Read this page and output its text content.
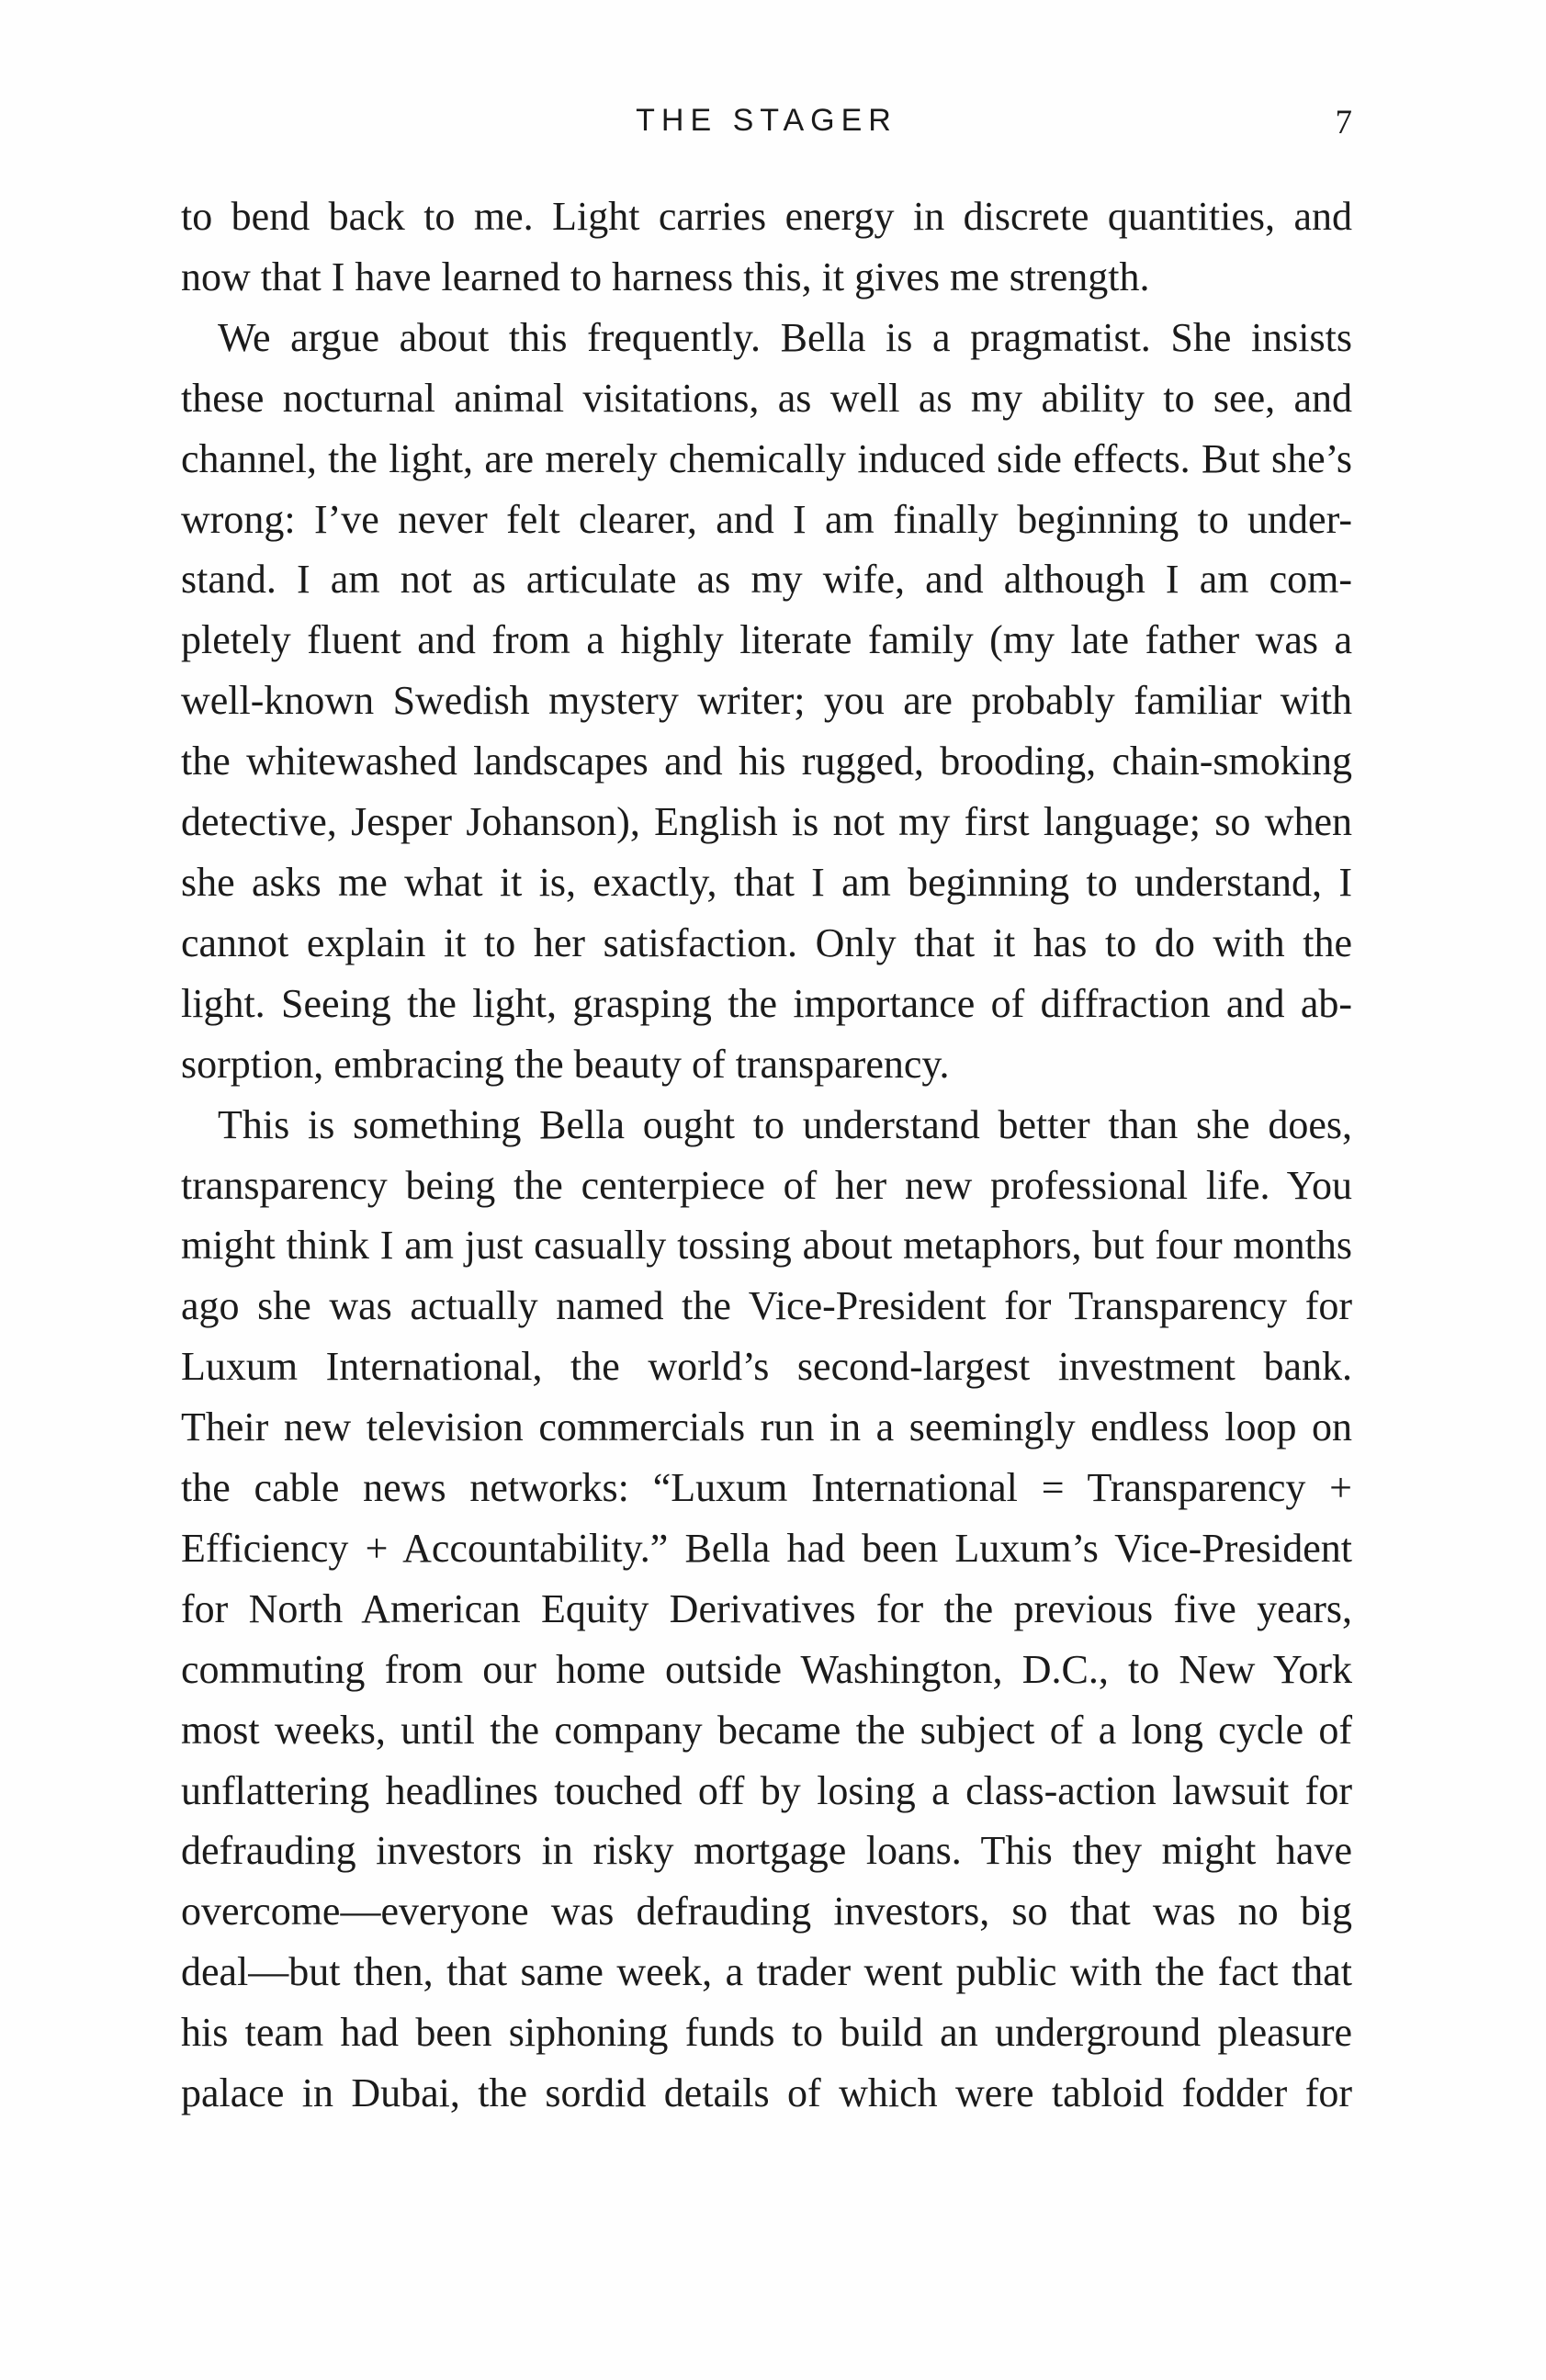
THE STAGER	7
to bend back to me. Light carries energy in discrete quantities, and
now that I have learned to harness this, it gives me strength.
We argue about this frequently. Bella is a pragmatist. She insists
these nocturnal animal visitations, as well as my ability to see, and
channel, the light, are merely chemically induced side effects. But she’s
wrong: I’ve never felt clearer, and I am finally beginning to under-
stand. I am not as articulate as my wife, and although I am com-
pletely fluent and from a highly literate family (my late father was a
well-known Swedish mystery writer; you are probably familiar with
the whitewashed landscapes and his rugged, brooding, chain-smoking
detective, Jesper Johanson), English is not my first language; so when
she asks me what it is, exactly, that I am beginning to understand, I
cannot explain it to her satisfaction. Only that it has to do with the
light. Seeing the light, grasping the importance of diffraction and ab-
sorption, embracing the beauty of transparency.
This is something Bella ought to understand better than she does,
transparency being the centerpiece of her new professional life. You
might think I am just casually tossing about metaphors, but four months
ago she was actually named the Vice-President for Transparency for
Luxum International, the world’s second-largest investment bank.
Their new television commercials run in a seemingly endless loop on
the cable news networks: “Luxum International = Transparency +
Efficiency + Accountability.” Bella had been Luxum’s Vice-President
for North American Equity Derivatives for the previous five years,
commuting from our home outside Washington, D.C., to New York
most weeks, until the company became the subject of a long cycle of
unflattering headlines touched off by losing a class-action lawsuit for
defrauding investors in risky mortgage loans. This they might have
overcome—everyone was defrauding investors, so that was no big
deal—but then, that same week, a trader went public with the fact that
his team had been siphoning funds to build an underground pleasure
palace in Dubai, the sordid details of which were tabloid fodder for
